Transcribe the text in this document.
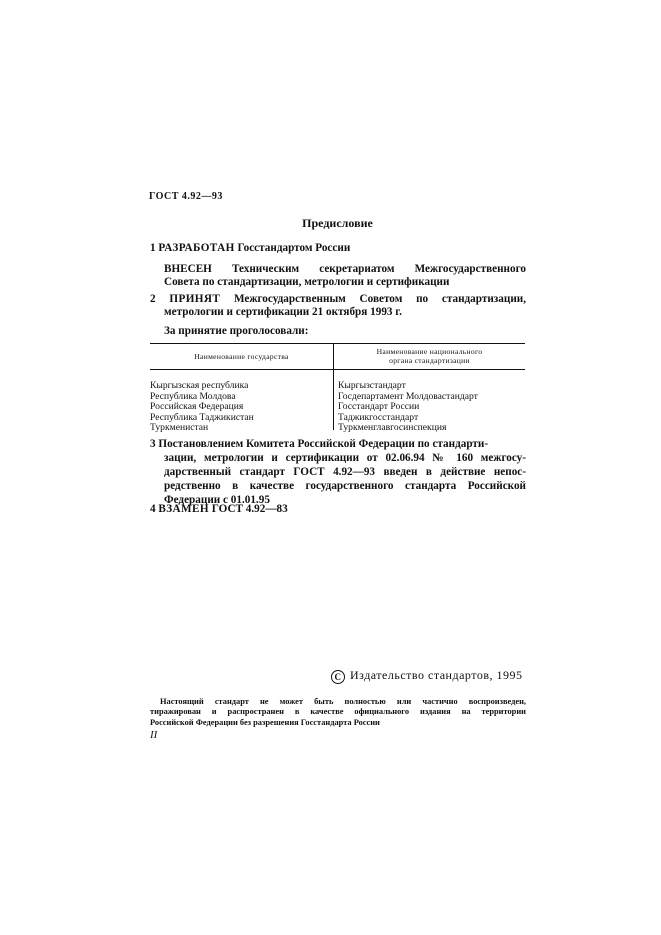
ГОСТ 4.92—93
Предисловие
1 РАЗРАБОТАН Госстандартом России
ВНЕСЕН Техническим секретариатом Межгосударственного
Совета по стандартизации, метрологии и сертификации
2 ПРИНЯТ Межгосударственным Советом по стандартизации,
метрологии и сертификации 21 октября 1993 г.
За принятие проголосовали:
Наименование государства
Наименование национального
органа стандартизации
Кыргызская республика
Республика Молдова
Российская Федерация
Республика Таджикистан
Туркменистан
Кыргызстандарт
Госдепартамент Молдовастандарт
Госстандарт России
Таджикгосстандарт
Туркменглавгосинспекция
3 Постановлением Комитета Российской Федерации по стандарти-
зации, метрологии и сертификации от 02.06.94 № 160 межгосу-
дарственный стандарт ГОСТ 4.92—93 введен в действие непос-
редственно в качестве государственного стандарта Российской
Федерации с 01.01.95
4 ВЗАМЕН ГОСТ 4.92—83
C Издательство стандартов, 1995
Настоящий стандарт не может быть полностью или частично воспроизведен,
тиражирован и распространен в качестве официального издания на территории
Российской Федерации без разрешения Госстандарта России
II
